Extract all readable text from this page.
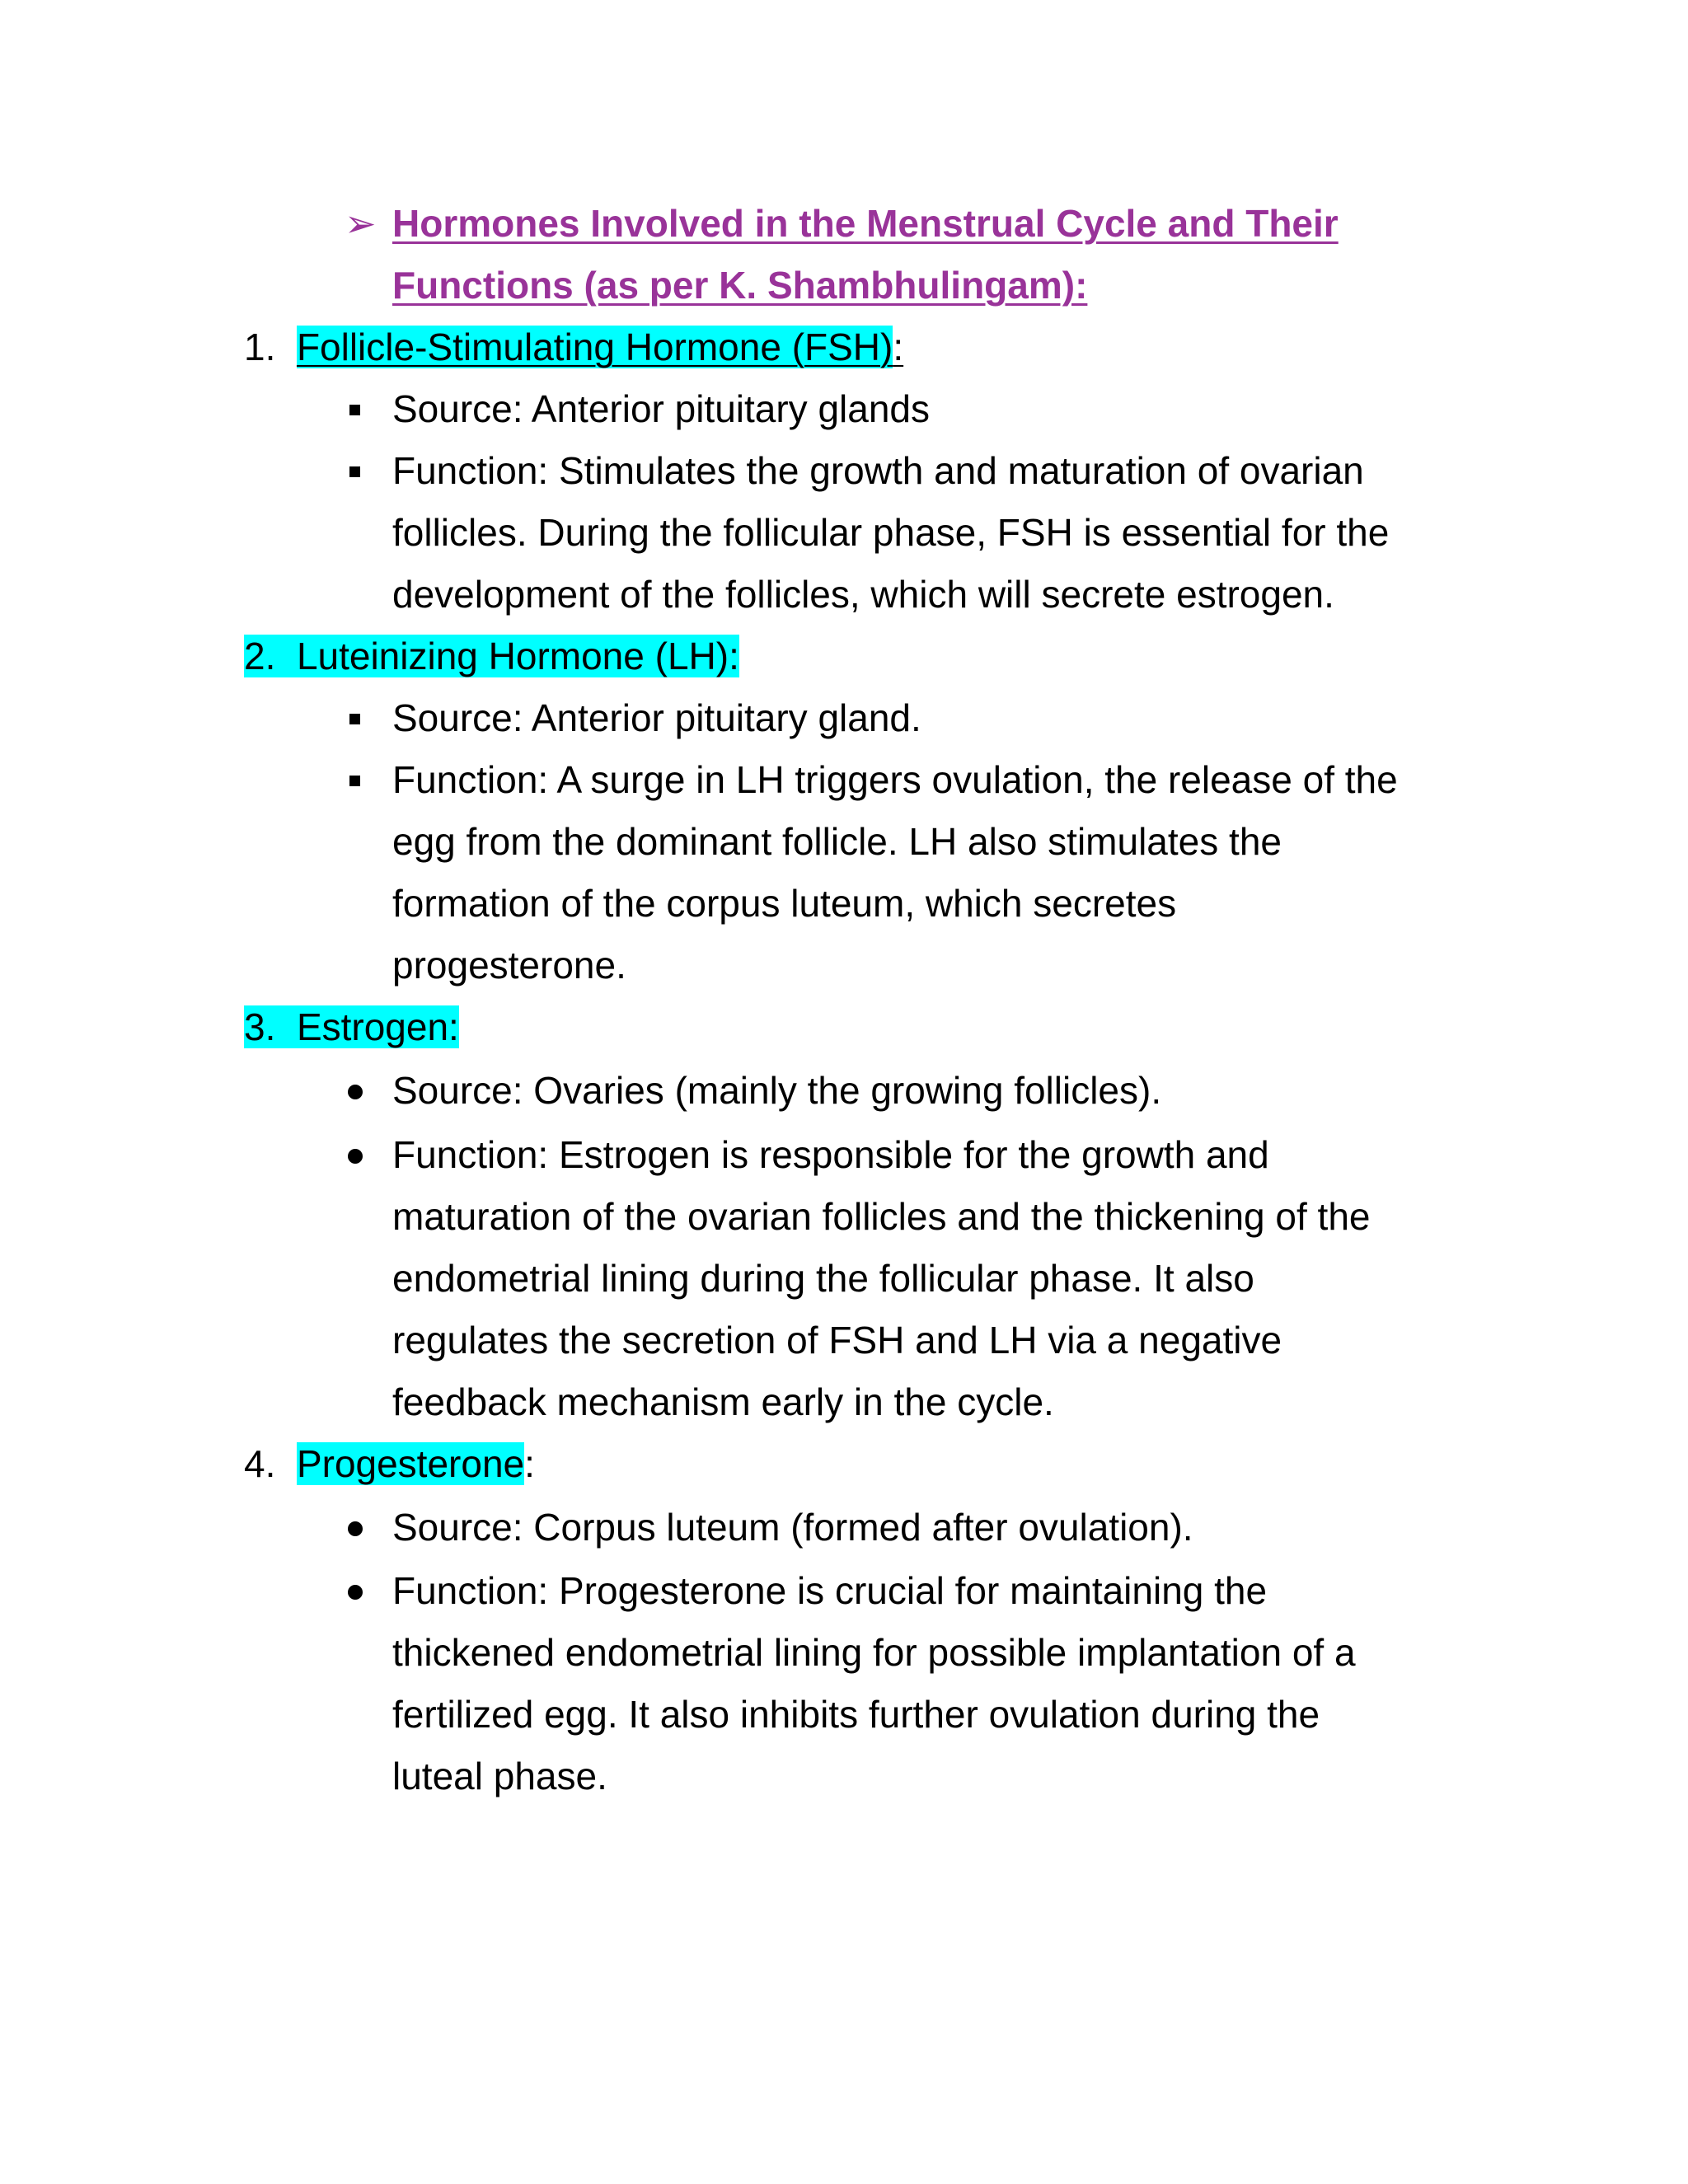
➢ Hormones Involved in the Menstrual Cycle and Their
Functions (as per K. Shambhulingam):
1. Follicle-Stimulating Hormone (FSH):
Source: Anterior pituitary glands
Function: Stimulates the growth and maturation of ovarian
follicles. During the follicular phase, FSH is essential for the
development of the follicles, which will secrete estrogen.
2. Luteinizing Hormone (LH):
Source: Anterior pituitary gland.
Function: A surge in LH triggers ovulation, the release of the
egg from the dominant follicle. LH also stimulates the
formation of the corpus luteum, which secretes
progesterone.
3. Estrogen:
Source: Ovaries (mainly the growing follicles).
Function: Estrogen is responsible for the growth and
maturation of the ovarian follicles and the thickening of the
endometrial lining during the follicular phase. It also
regulates the secretion of FSH and LH via a negative
feedback mechanism early in the cycle.
4. Progesterone:
Source: Corpus luteum (formed after ovulation).
Function: Progesterone is crucial for maintaining the
thickened endometrial lining for possible implantation of a
fertilized egg. It also inhibits further ovulation during the
luteal phase.
